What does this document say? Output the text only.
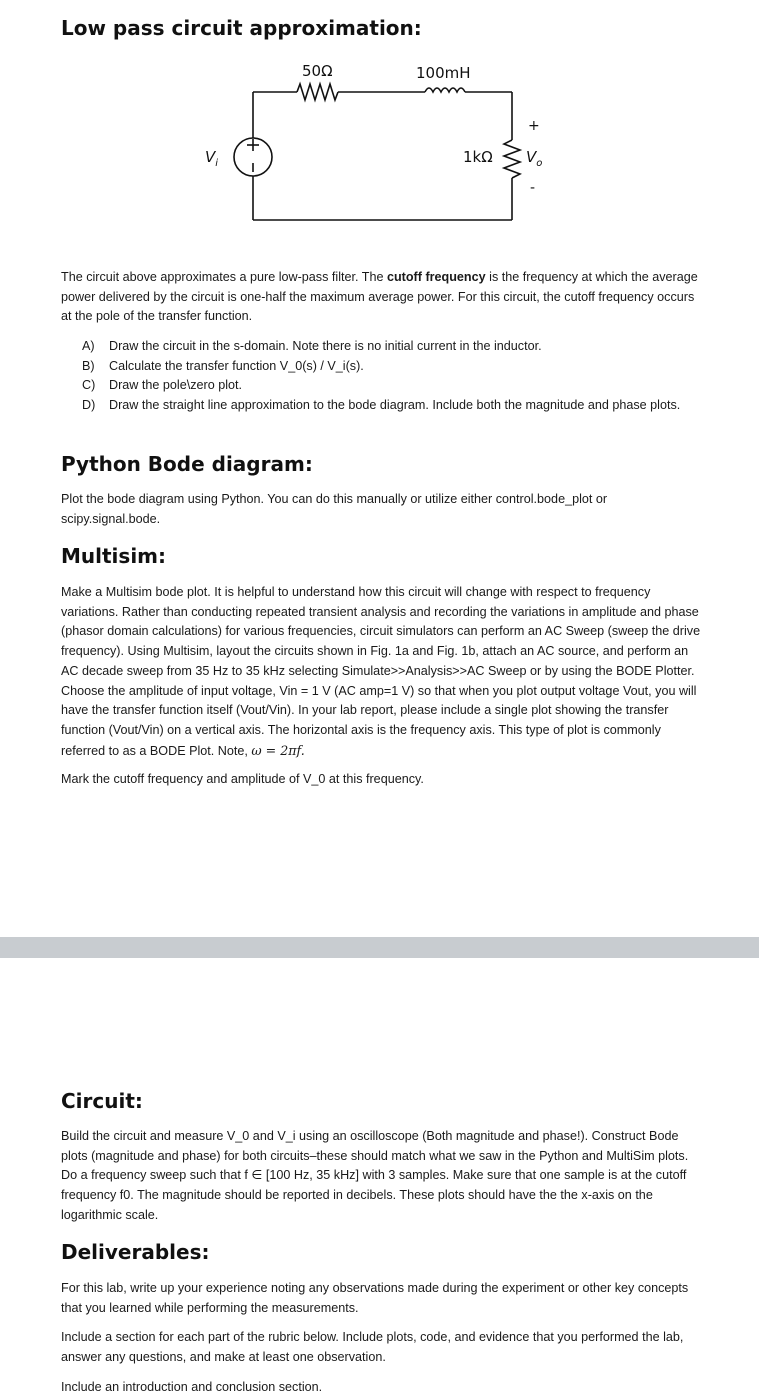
Low pass circuit approximation:
50Ω	100mH
1kΩ
+
-
$V_i$	$V_o$

The circuit above approximates a pure low-pass filter. The cutoff frequency is the frequency at which the average power delivered by the circuit is one-half the maximum average power. For this circuit, the cutoff frequency occurs at the pole of the transfer function.

A) Draw the circuit in the s-domain. Note there is no initial current in the inductor.
B) Calculate the transfer function V_0(s) / V_i(s).
C) Draw the pole\zero plot.
D) Draw the straight line approximation to the bode diagram. Include both the magnitude and phase plots.
Python Bode diagram:

Plot the bode diagram using Python. You can do this manually or utilize either control.bode_plot or scipy.signal.bode.

Multisim:

Make a Multisim bode plot. It is helpful to understand how this circuit will change with respect to frequency variations. Rather than conducting repeated transient analysis and recording the variations in amplitude and phase (phasor domain calculations) for various frequencies, circuit simulators can perform an AC Sweep (sweep the drive frequency). Using Multisim, layout the circuits shown in Fig. 1a and Fig. 1b, attach an AC source, and perform an AC decade sweep from 35 Hz to 35 kHz selecting Simulate>>Analysis>>AC Sweep or by using the BODE Plotter. Choose the amplitude of input voltage, Vin = 1 V (AC amp=1 V) so that when you plot output voltage Vout, you will have the transfer function itself (Vout/Vin). In your lab report, please include a single plot showing the transfer function (Vout/Vin) on a vertical axis. The horizontal axis is the frequency axis. This type of plot is commonly referred to as a BODE Plot. Note, ω = 2πf.

Mark the cutoff frequency and amplitude of V_0 at this frequency.

Circuit:

Build the circuit and measure V_0 and V_i using an oscilloscope (Both magnitude and phase!). Construct Bode plots (magnitude and phase) for both circuits–these should match what we saw in the Python and MultiSim plots. Do a frequency sweep such that f ∈ [100 Hz, 35 kHz] with 3 samples. Make sure that one sample is at the cutoff frequency f0. The magnitude should be reported in decibels. These plots should have the the x-axis on the logarithmic scale.

Deliverables:

For this lab, write up your experience noting any observations made during the experiment or other key concepts that you learned while performing the measurements.

Include a section for each part of the rubric below. Include plots, code, and evidence that you performed the lab, answer any questions, and make at least one observation.

Include an introduction and conclusion section.
